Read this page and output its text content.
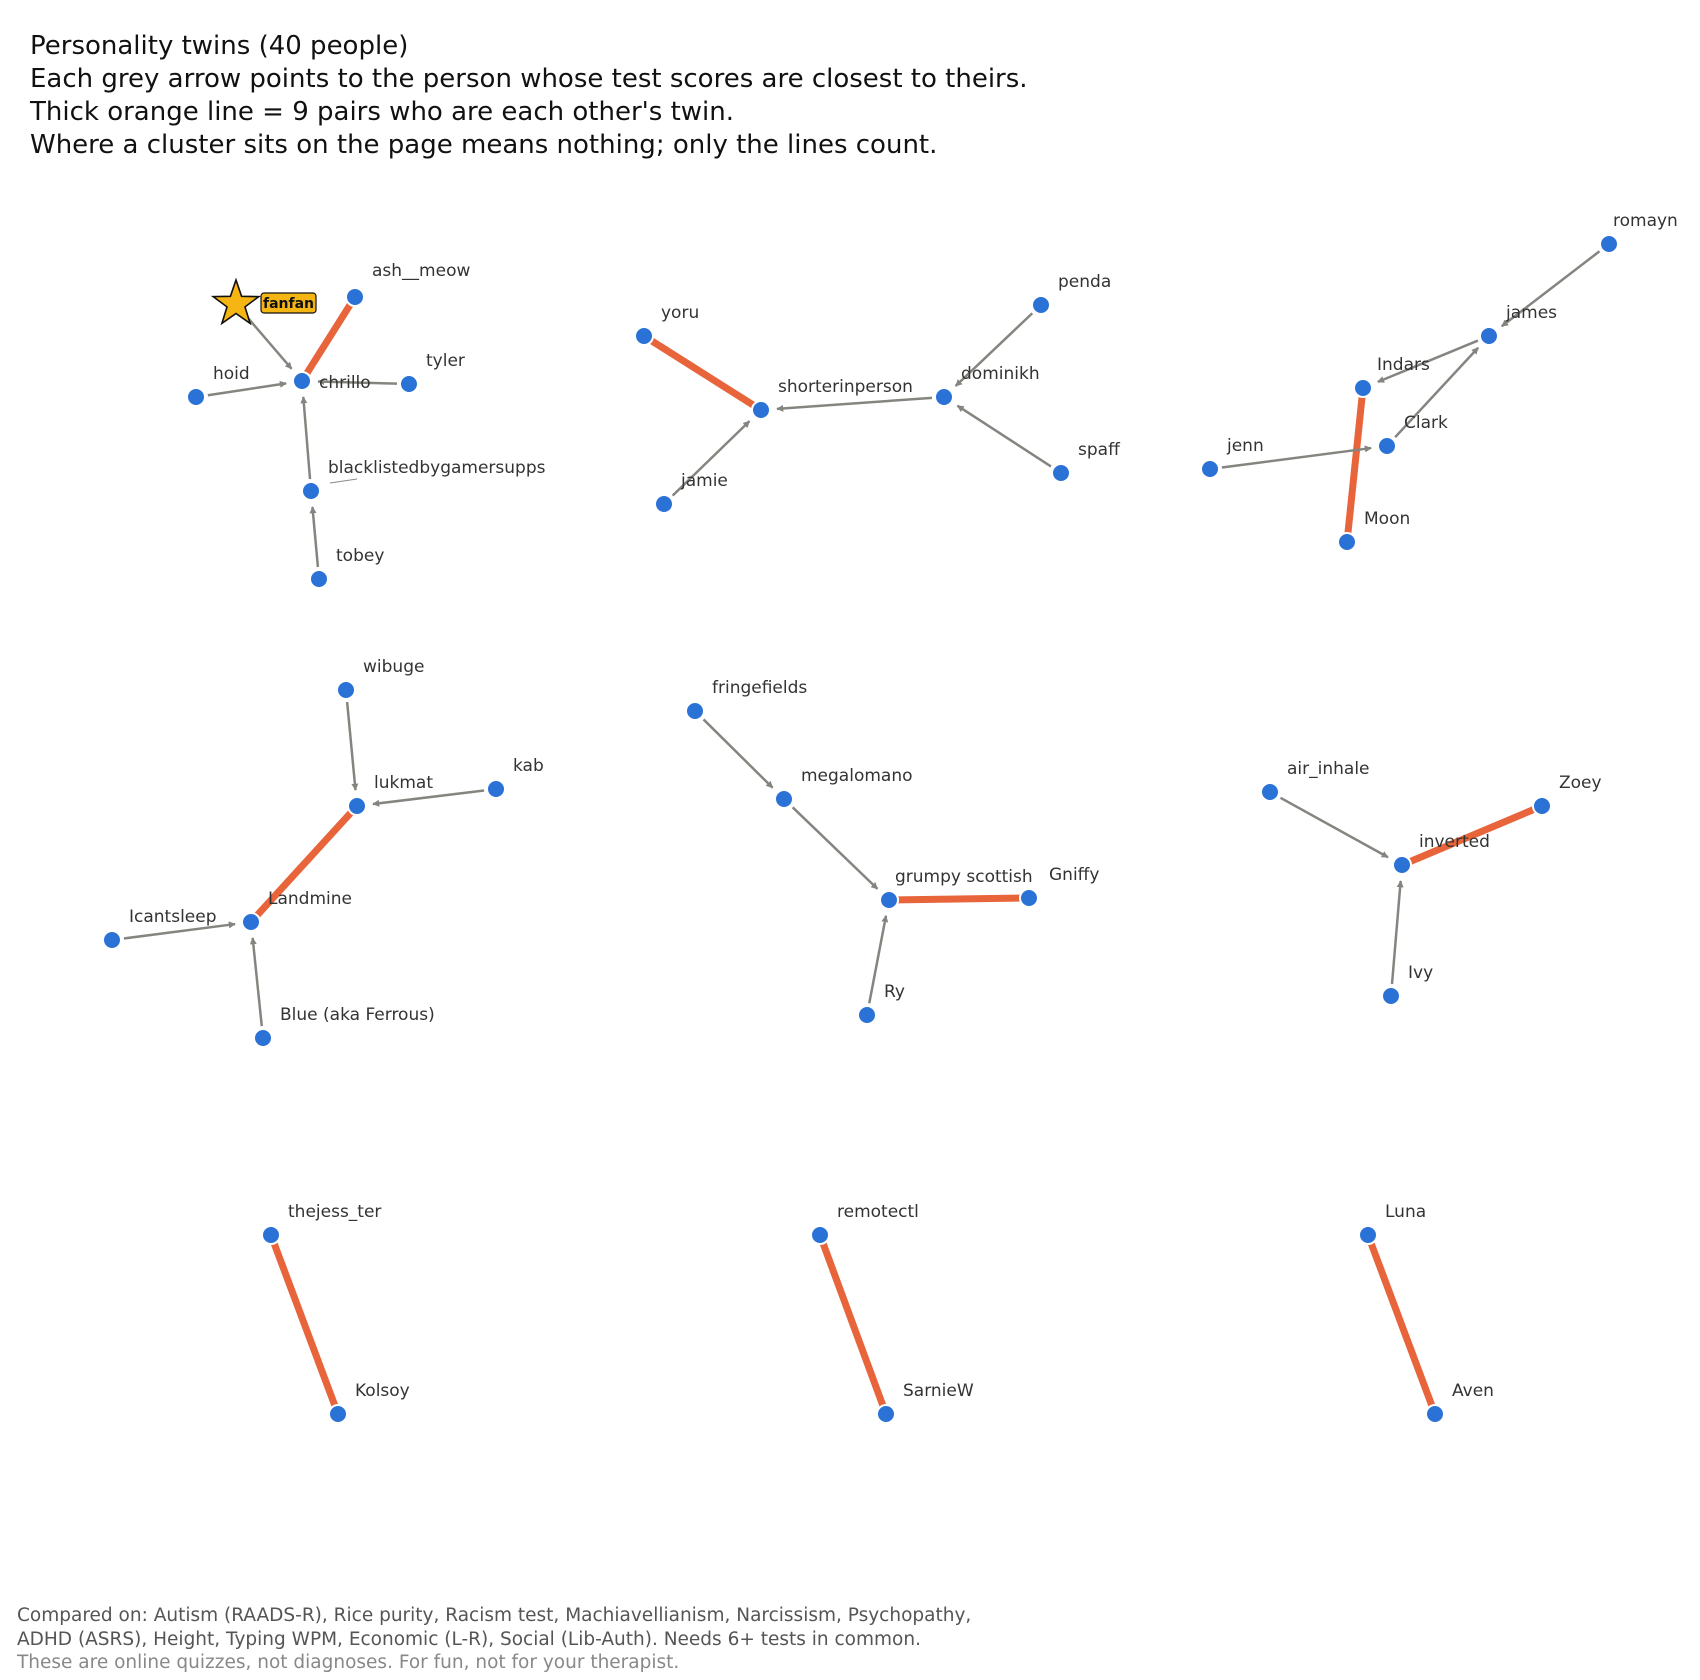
Personality twins (40 people)
Each grey arrow points to the person whose test scores are closest to theirs.
Thick orange line = 9 pairs who are each other's twin.
Where a cluster sits on the page means nothing; only the lines count.
fanfan
ash__meow
chrillo
hoid
tyler
blacklistedbygamersupps
tobey
yoru
shorterinperson
jamie
penda
dominikh
spaff
romayn
james
Indars
Clark
jenn
Moon
wibuge
lukmat
kab
Landmine
Icantsleep
Blue (aka Ferrous)
fringefields
megalomano
grumpy scottish Gniffy
Ry
air_inhale
inverted
Zoey
Ivy
thejess_ter
Kolsoy
remotectl
SarnieW
Luna
Aven
Compared on: Autism (RAADS-R), Rice purity, Racism test, Machiavellianism, Narcissism, Psychopathy,
ADHD (ASRS), Height, Typing WPM, Economic (L-R), Social (Lib-Auth). Needs 6+ tests in common.
These are online quizzes, not diagnoses. For fun, not for your therapist.
